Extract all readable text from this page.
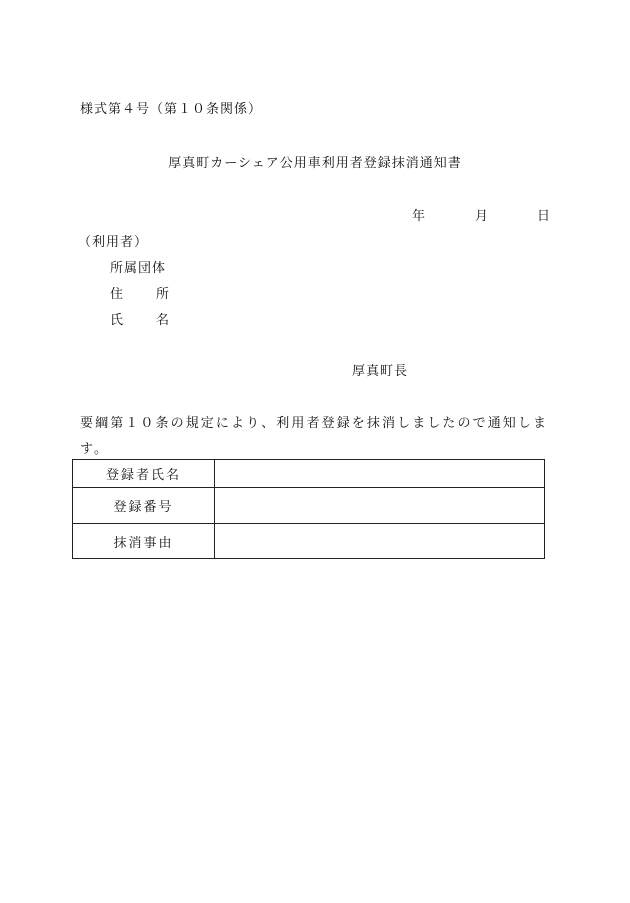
様式第４号（第１０条関係）
厚真町カーシェア公用車利用者登録抹消通知書
年	月	日
（利用者）
所属団体
住	所
氏	名
厚真町長
要綱第１０条の規定により、利用者登録を抹消しましたので通知します。
登録者氏名	
登録番号	
抹消事由	
